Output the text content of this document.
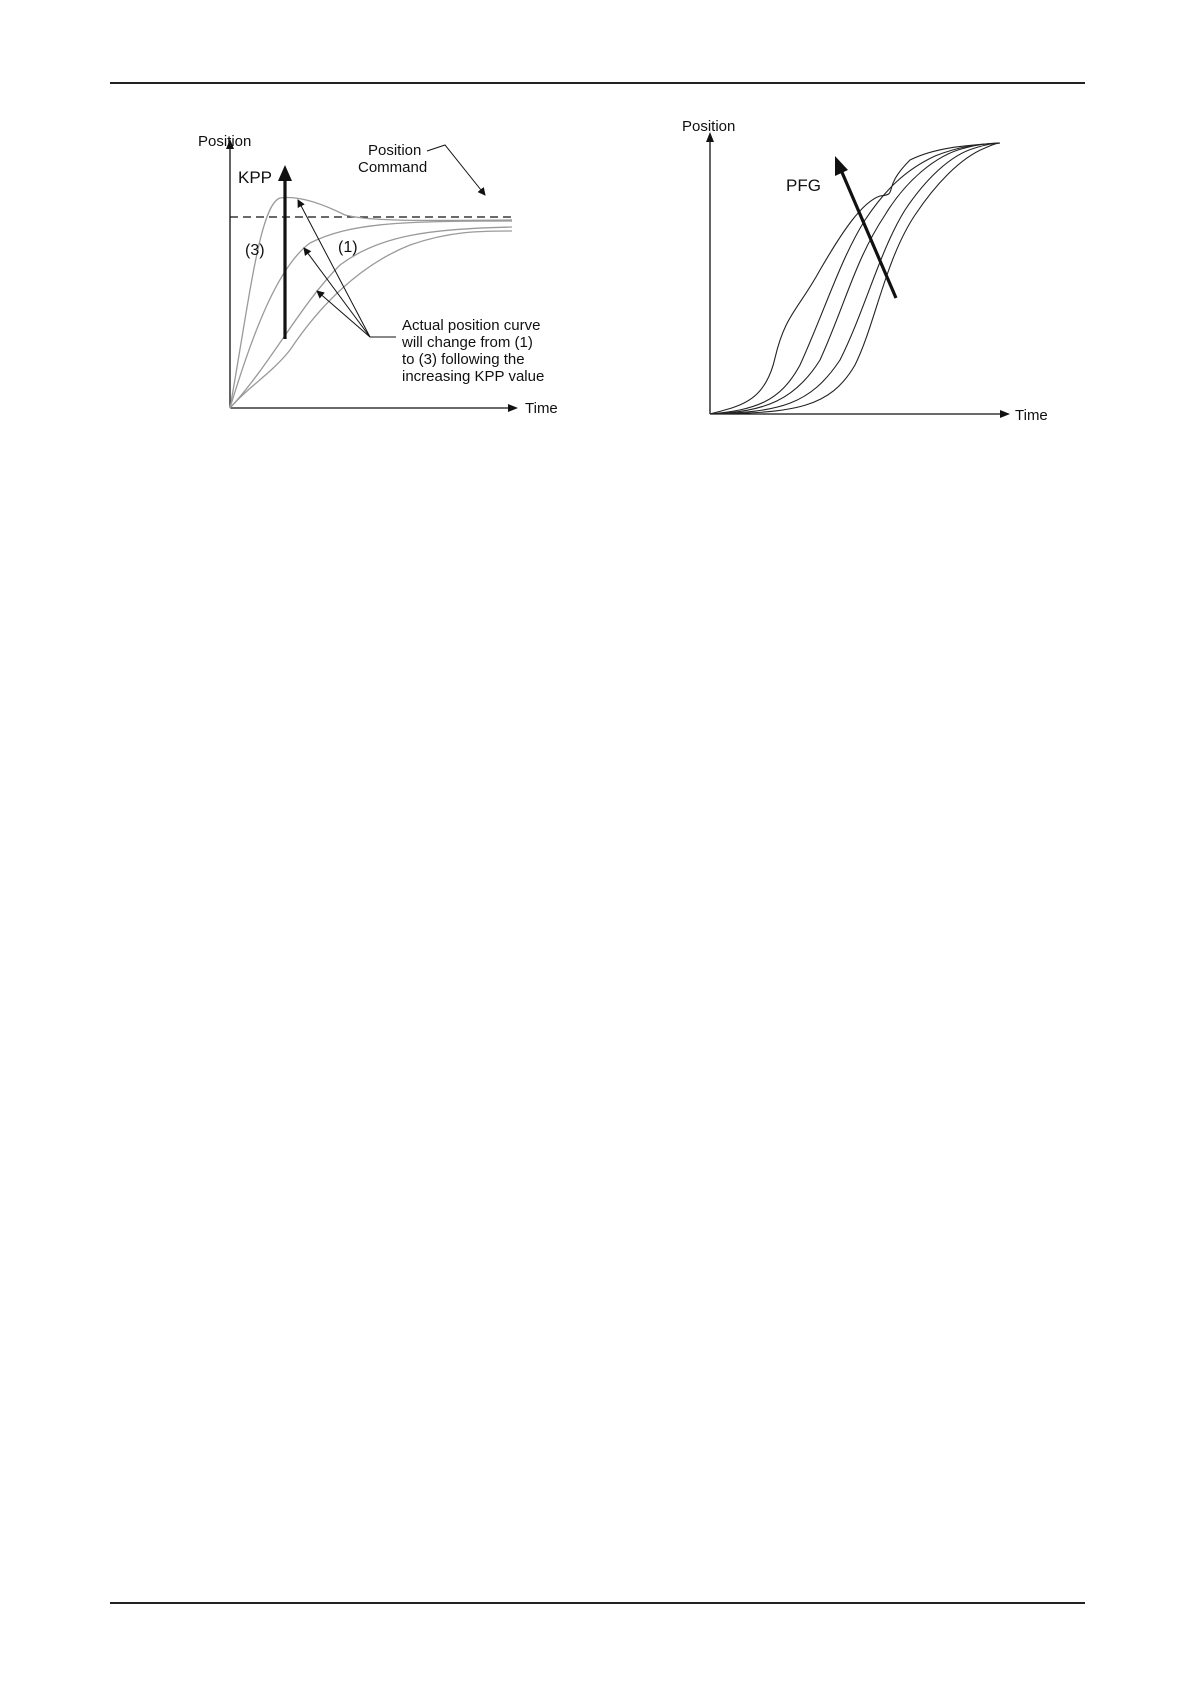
Position
Time
KPP
(3)	(1)
Position
Command
Actual position curve
will change from (1)
to (3) following the
increasing KPP value
Position
Time
PFG
